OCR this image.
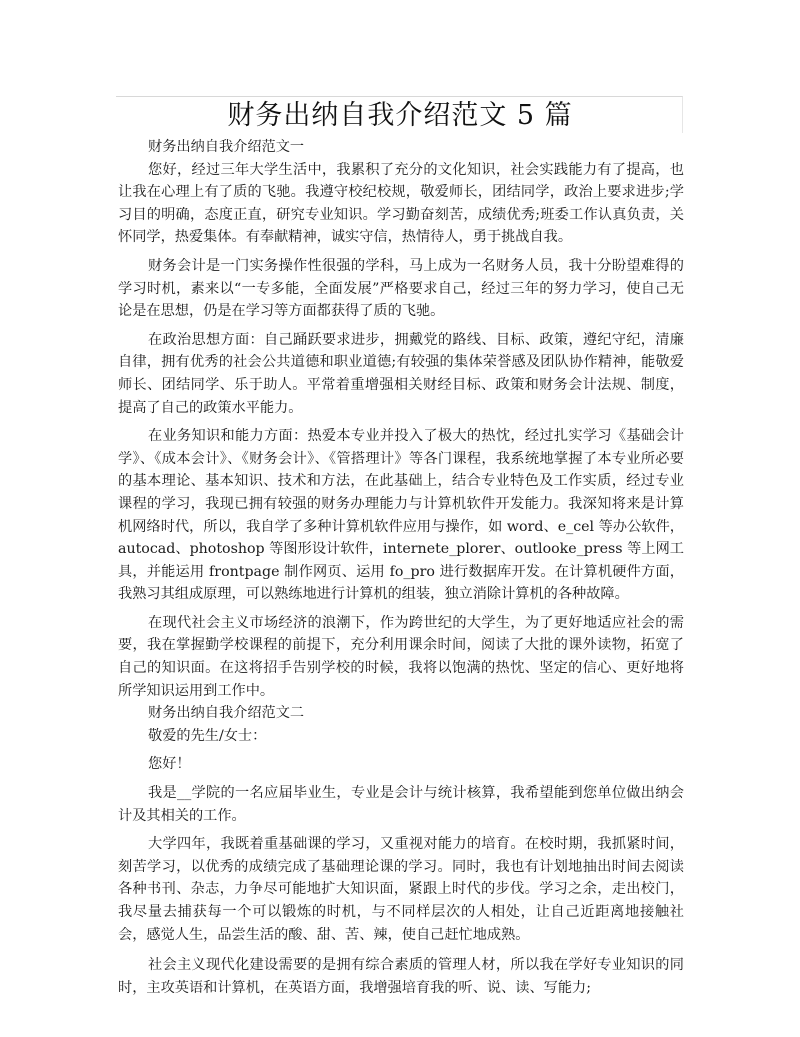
财务出纳自我介绍范文 5 篇

财务出纳自我介绍范文一

您好，经过三年大学生活中，我累积了充分的文化知识，社会实践能力有了提高，也让我在心理上有了质的飞驰。我遵守校纪校规，敬爱师长，团结同学，政治上要求进步;学习目的明确，态度正直，研究专业知识。学习勤奋刻苦，成绩优秀;班委工作认真负责，关怀同学，热爱集体。有奉献精神，诚实守信，热情待人，勇于挑战自我。

财务会计是一门实务操作性很强的学科，马上成为一名财务人员，我十分盼望难得的学习时机，素来以“一专多能，全面发展”严格要求自己，经过三年的努力学习，使自己无论是在思想，仍是在学习等方面都获得了质的飞驰。

在政治思想方面：自己踊跃要求进步，拥戴党的路线、目标、政策，遵纪守纪，清廉自律，拥有优秀的社会公共道德和职业道德;有较强的集体荣誉感及团队协作精神，能敬爱师长、团结同学、乐于助人。平常着重增强相关财经目标、政策和财务会计法规、制度，提高了自己的政策水平能力。

在业务知识和能力方面：热爱本专业并投入了极大的热忱，经过扎实学习《基础会计学》、《成本会计》、《财务会计》、《管搭理计》等各门课程，我系统地掌握了本专业所必要的基本理论、基本知识、技术和方法，在此基础上，结合专业特色及工作实质，经过专业课程的学习，我现已拥有较强的财务办理能力与计算机软件开发能力。我深知将来是计算机网络时代，所以，我自学了多种计算机软件应用与操作，如 word、e_cel 等办公软件，autocad、photoshop 等图形设计软件，internete_plorer、outlooke_press 等上网工具，并能运用 frontpage 制作网页、运用 fo_pro 进行数据库开发。在计算机硬件方面，我熟习其组成原理，可以熟练地进行计算机的组装，独立消除计算机的各种故障。

在现代社会主义市场经济的浪潮下，作为跨世纪的大学生，为了更好地适应社会的需要，我在掌握勤学校课程的前提下，充分利用课余时间，阅读了大批的课外读物，拓宽了自己的知识面。在这将招手告别学校的时候，我将以饱满的热忱、坚定的信心、更好地将所学知识运用到工作中。

财务出纳自我介绍范文二

敬爱的先生/女士：

您好！

我是__学院的一名应届毕业生，专业是会计与统计核算，我希望能到您单位做出纳会计及其相关的工作。

大学四年，我既着重基础课的学习，又重视对能力的培育。在校时期，我抓紧时间，刻苦学习，以优秀的成绩完成了基础理论课的学习。同时，我也有计划地抽出时间去阅读各种书刊、杂志，力争尽可能地扩大知识面，紧跟上时代的步伐。学习之余，走出校门，我尽量去捕获每一个可以锻炼的时机，与不同样层次的人相处，让自己近距离地接触社会，感觉人生，品尝生活的酸、甜、苦、辣，使自己赶忙地成熟。

社会主义现代化建设需要的是拥有综合素质的管理人材，所以我在学好专业知识的同时，主攻英语和计算机，在英语方面，我增强培育我的听、说、读、写能力;
